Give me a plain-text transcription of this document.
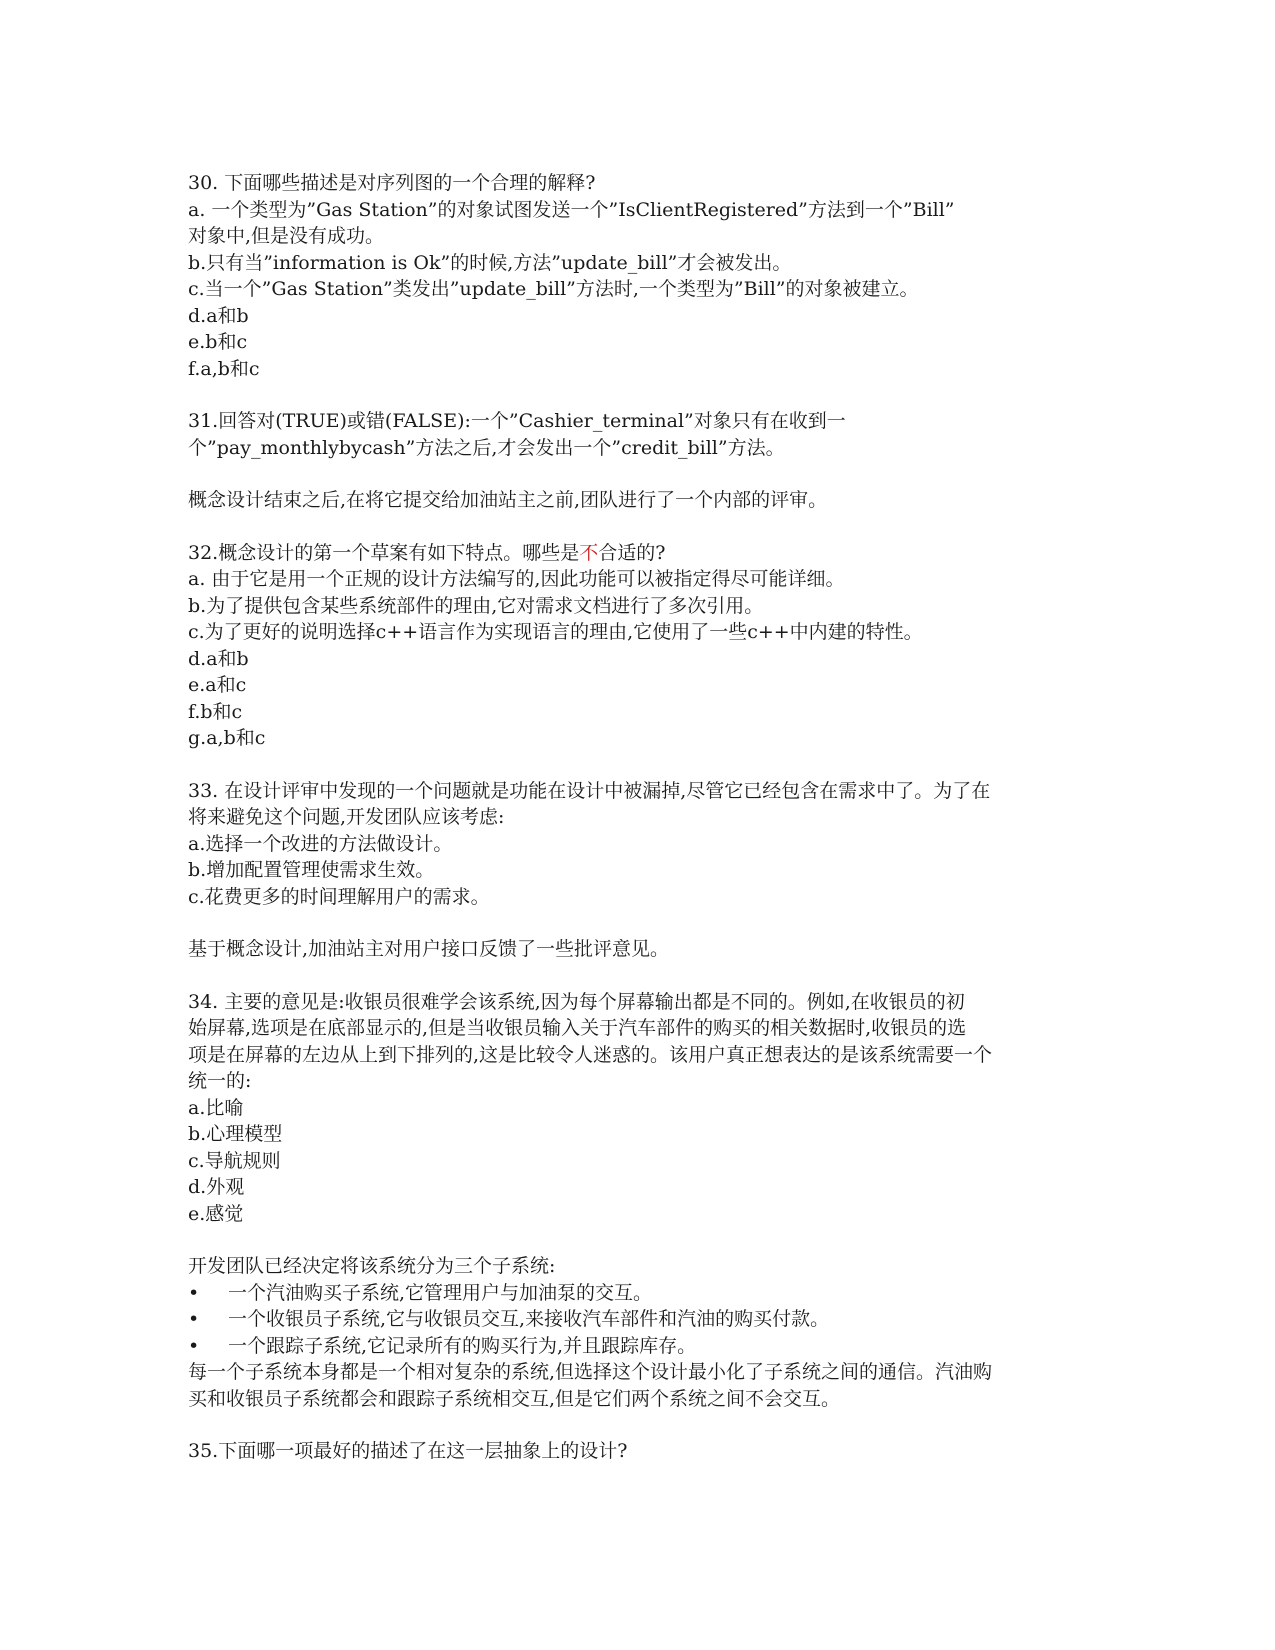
30. 下面哪些描述是对序列图的一个合理的解释?
a. 一个类型为”Gas Station”的对象试图发送一个”IsClientRegistered”方法到一个”Bill”
对象中,但是没有成功。
b.只有当”information is Ok”的时候,方法”update_bill”才会被发出。
c.当一个”Gas Station”类发出”update_bill”方法时,一个类型为”Bill”的对象被建立。
d.a和b
e.b和c
f.a,b和c
31.回答对(TRUE)或错(FALSE):一个”Cashier_terminal”对象只有在收到一
个”pay_monthlybycash”方法之后,才会发出一个”credit_bill”方法。
概念设计结束之后,在将它提交给加油站主之前,团队进行了一个内部的评审。
32.概念设计的第一个草案有如下特点。哪些是不合适的?
a. 由于它是用一个正规的设计方法编写的,因此功能可以被指定得尽可能详细。
b.为了提供包含某些系统部件的理由,它对需求文档进行了多次引用。
c.为了更好的说明选择c++语言作为实现语言的理由,它使用了一些c++中内建的特性。
d.a和b
e.a和c
f.b和c
g.a,b和c
33. 在设计评审中发现的一个问题就是功能在设计中被漏掉,尽管它已经包含在需求中了。为了在
将来避免这个问题,开发团队应该考虑:
a.选择一个改进的方法做设计。
b.增加配置管理使需求生效。
c.花费更多的时间理解用户的需求。
基于概念设计,加油站主对用户接口反馈了一些批评意见。
34. 主要的意见是:收银员很难学会该系统,因为每个屏幕输出都是不同的。例如,在收银员的初
始屏幕,选项是在底部显示的,但是当收银员输入关于汽车部件的购买的相关数据时,收银员的选
项是在屏幕的左边从上到下排列的,这是比较令人迷惑的。该用户真正想表达的是该系统需要一个
统一的:
a.比喻
b.心理模型
c.导航规则
d.外观
e.感觉
开发团队已经决定将该系统分为三个子系统:
•	一个汽油购买子系统,它管理用户与加油泵的交互。
•	一个收银员子系统,它与收银员交互,来接收汽车部件和汽油的购买付款。
•	一个跟踪子系统,它记录所有的购买行为,并且跟踪库存。
每一个子系统本身都是一个相对复杂的系统,但选择这个设计最小化了子系统之间的通信。汽油购
买和收银员子系统都会和跟踪子系统相交互,但是它们两个系统之间不会交互。
35.下面哪一项最好的描述了在这一层抽象上的设计?
